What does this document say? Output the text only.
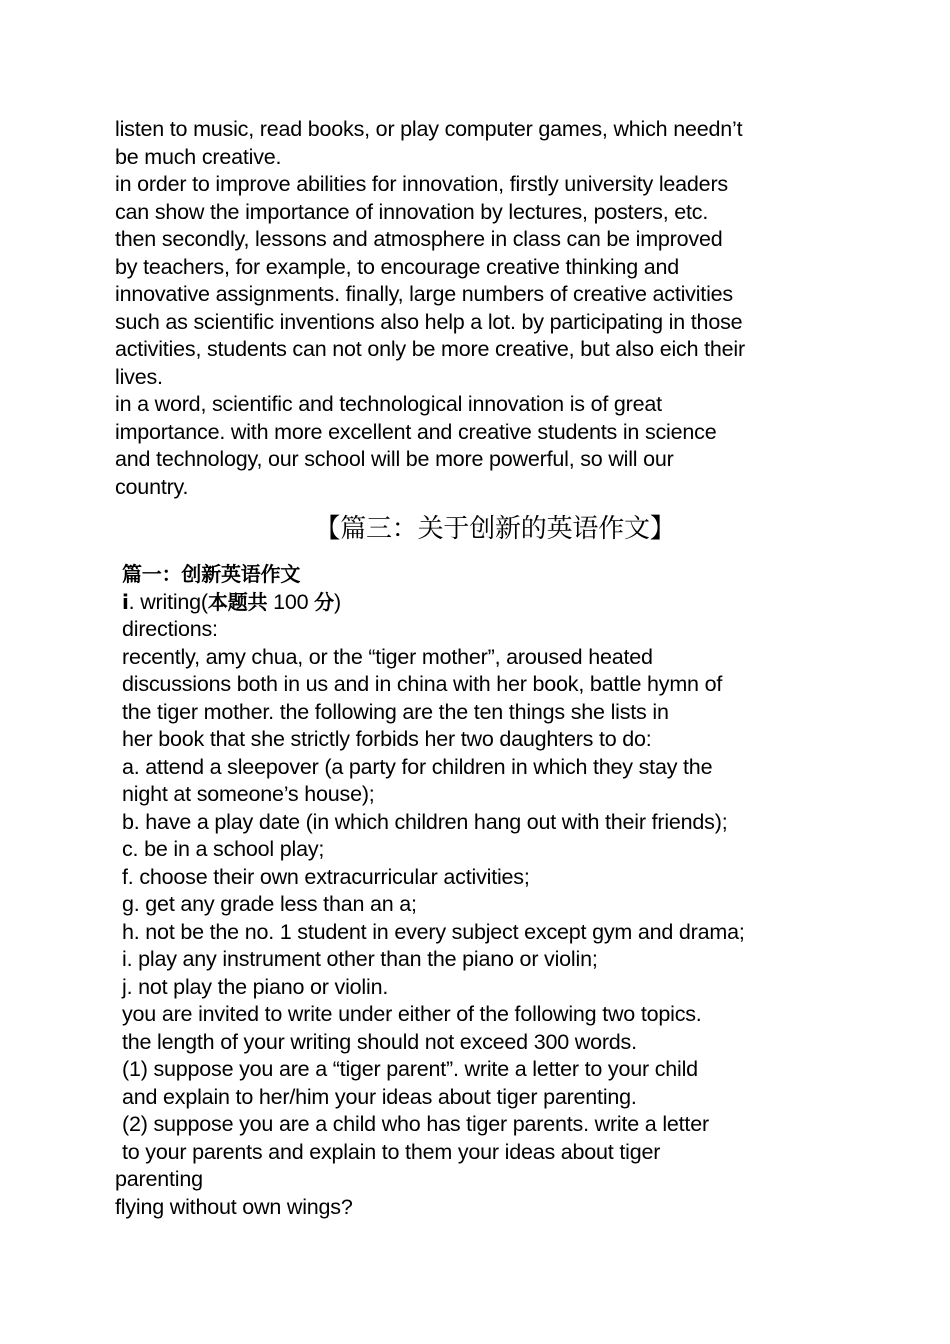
listen to music, read books, or play computer games, which needn’t
be much creative.
in order to improve abilities for innovation, firstly university leaders
can show the importance of innovation by lectures, posters, etc.
then secondly, lessons and atmosphere in class can be improved
by teachers, for example, to encourage creative thinking and
innovative assignments. finally, large numbers of creative activities
such as scientific inventions also help a lot. by participating in those
activities, students can not only be more creative, but also eich their
lives.
in a word, scientific and technological innovation is of great
importance. with more excellent and creative students in science
and technology, our school will be more powerful, so will our
country.
【篇三：关于创新的英语作文】
篇一：创新英语作文
i. writing(本题共 100 分)
directions:
recently, amy chua, or the “tiger mother”, aroused heated
discussions both in us and in china with her book, battle hymn of
the tiger mother. the following are the ten things she lists in
her book that she strictly forbids her two daughters to do:
a. attend a sleepover (a party for children in which they stay the
night at someone’s house);
b. have a play date (in which children hang out with their friends);
c. be in a school play;
f. choose their own extracurricular activities;
g. get any grade less than an a;
h. not be the no. 1 student in every subject except gym and drama;
i. play any instrument other than the piano or violin;
j. not play the piano or violin.
you are invited to write under either of the following two topics.
the length of your writing should not exceed 300 words.
(1) suppose you are a “tiger parent”. write a letter to your child
and explain to her/him your ideas about tiger parenting.
(2) suppose you are a child who has tiger parents. write a letter
to your parents and explain to them your ideas about tiger
parenting
flying without own wings?
